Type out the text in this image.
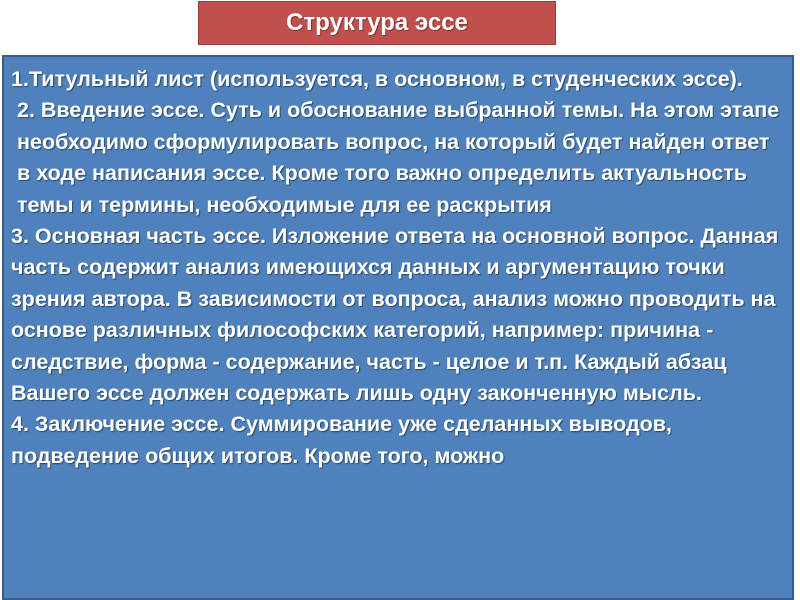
Структура эссе

1.Титульный лист (используется, в основном, в студенческих эссе).

2. Введение эссе. Суть и обоснование выбранной темы. На этом этапе необходимо сформулировать вопрос, на который будет найден ответ в ходе написания эссе. Кроме того важно определить актуальность темы и термины, необходимые для ее раскрытия

3. Основная часть эссе. Изложение ответа на основной вопрос. Данная часть содержит анализ имеющихся данных и аргументацию точки зрения автора. В зависимости от вопроса, анализ можно проводить на основе различных философских категорий, например: причина - следствие, форма - содержание, часть - целое и т.п. Каждый абзац Вашего эссе должен содержать лишь одну законченную мысль.

4. Заключение эссе. Суммирование уже сделанных выводов, подведение общих итогов. Кроме того, можно
